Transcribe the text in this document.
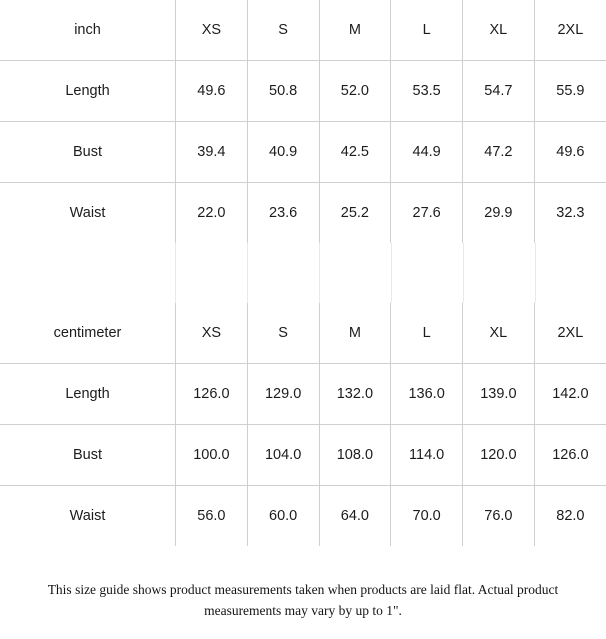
inch	XS	S	M	L	XL	2XL
Length	49.6	50.8	52.0	53.5	54.7	55.9
Bust	39.4	40.9	42.5	44.9	47.2	49.6
Waist	22.0	23.6	25.2	27.6	29.9	32.3
centimeter	XS	S	M	L	XL	2XL
Length	126.0	129.0	132.0	136.0	139.0	142.0
Bust	100.0	104.0	108.0	114.0	120.0	126.0
Waist	56.0	60.0	64.0	70.0	76.0	82.0
This size guide shows product measurements taken when products are laid flat. Actual product measurements may vary by up to 1".
